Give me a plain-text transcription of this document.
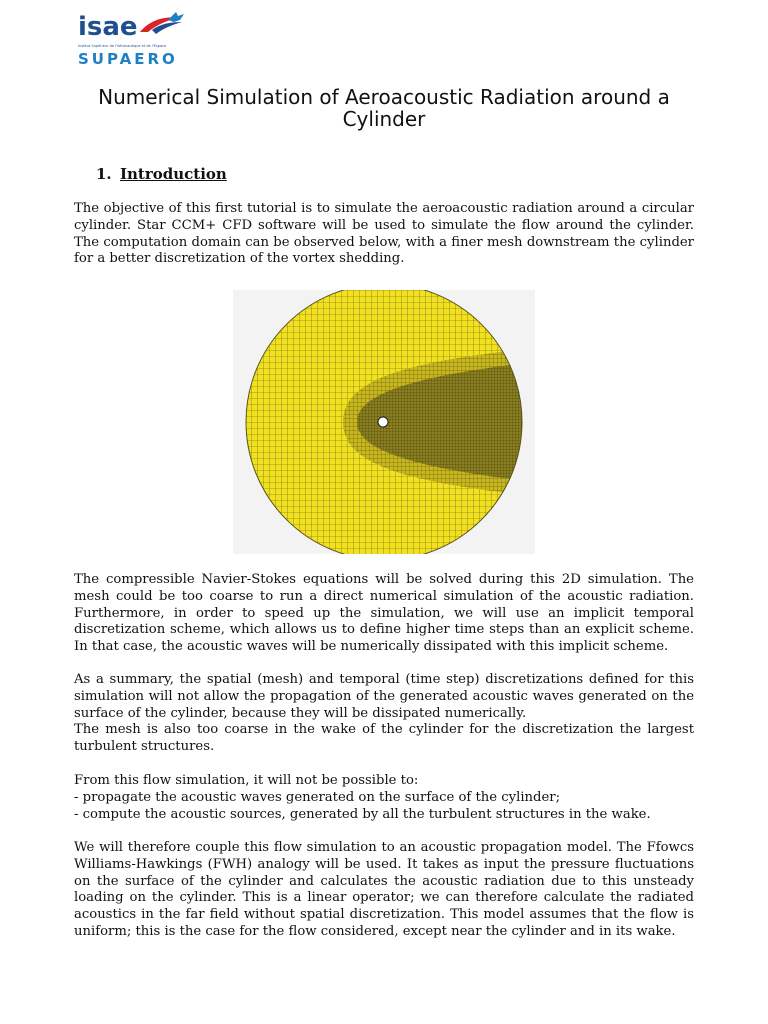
isae
Institut Supérieur de l'Aéronautique et de l'Espace
SUPAERO
Numerical Simulation of Aeroacoustic Radiation around a Cylinder
1. Introduction
The objective of this first tutorial is to simulate the aeroacoustic radiation around a circular cylinder. Star CCM+ CFD software will be used to simulate the flow around the cylinder. The computation domain can be observed below, with a finer mesh downstream the cylinder for a better discretization of the vortex shedding.
The compressible Navier-Stokes equations will be solved during this 2D simulation. The mesh could be too coarse to run a direct numerical simulation of the acoustic radiation. Furthermore, in order to speed up the simulation, we will use an implicit temporal discretization scheme, which allows us to define higher time steps than an explicit scheme. In that case, the acoustic waves will be numerically dissipated with this implicit scheme.
As a summary, the spatial (mesh) and temporal (time step) discretizations defined for this simulation will not allow the propagation of the generated acoustic waves generated on the surface of the cylinder, because they will be dissipated numerically.
The mesh is also too coarse in the wake of the cylinder for the discretization the largest turbulent structures.
From this flow simulation, it will not be possible to:
- propagate the acoustic waves generated on the surface of the cylinder;
- compute the acoustic sources, generated by all the turbulent structures in the wake.
We will therefore couple this flow simulation to an acoustic propagation model. The Ffowcs Williams-Hawkings (FWH) analogy will be used. It takes as input the pressure fluctuations on the surface of the cylinder and calculates the acoustic radiation due to this unsteady loading on the cylinder. This is a linear operator; we can therefore calculate the radiated acoustics in the far field without spatial discretization. This model assumes that the flow is uniform; this is the case for the flow considered, except near the cylinder and in its wake.
